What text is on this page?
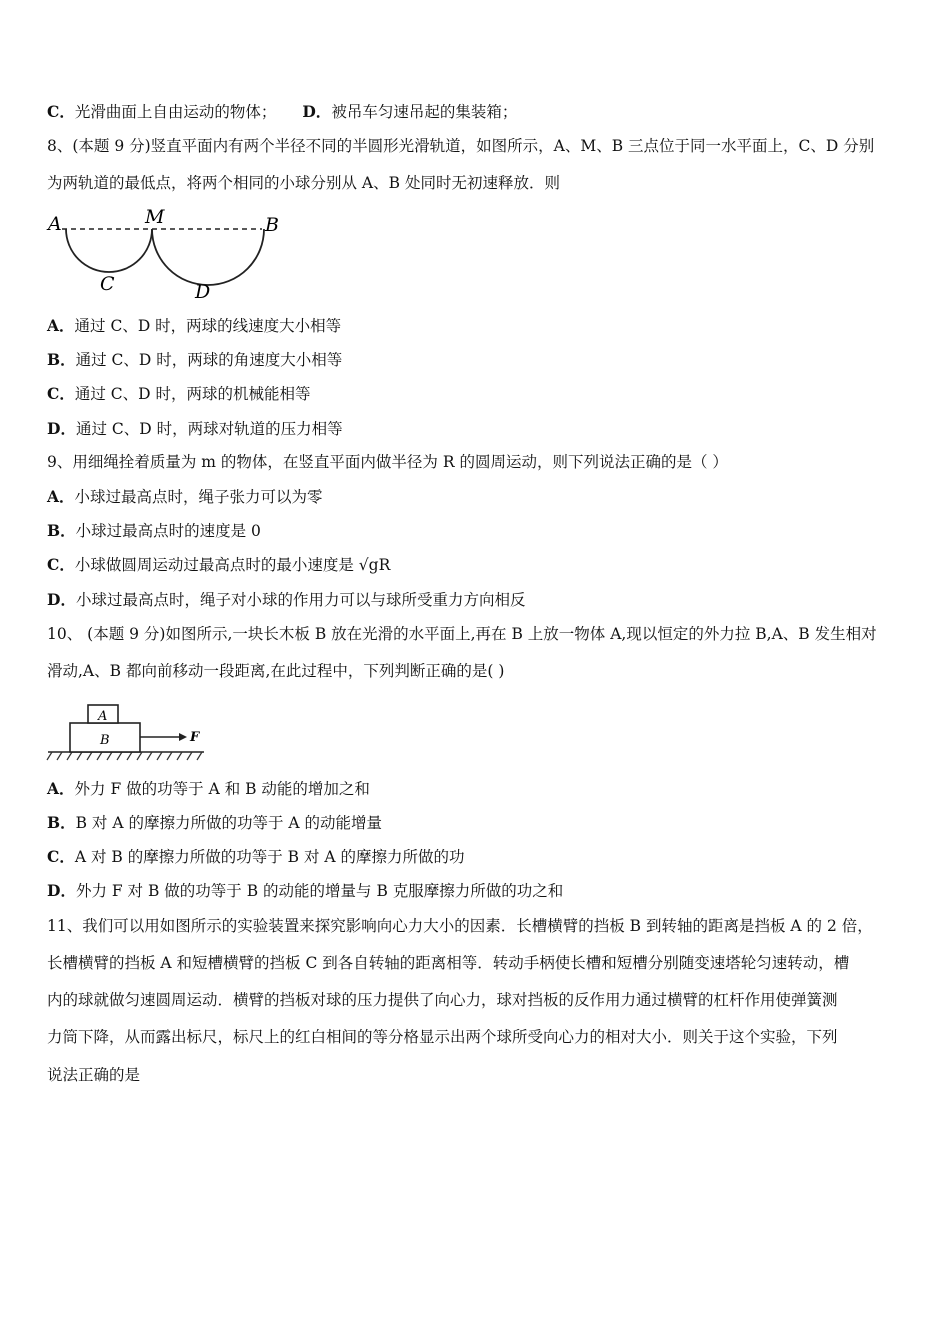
C．光滑曲面上自由运动的物体； D．被吊车匀速吊起的集装箱；
8、(本题 9 分)竖直平面内有两个半径不同的半圆形光滑轨道，如图所示，A、M、B 三点位于同一水平面上，C、D 分别
为两轨道的最低点，将两个相同的小球分别从 A、B 处同时无初速释放．则
A	M	B
C	D
A．通过 C、D 时，两球的线速度大小相等
B．通过 C、D 时，两球的角速度大小相等
C．通过 C、D 时，两球的机械能相等
D．通过 C、D 时，两球对轨道的压力相等
9、用细绳拴着质量为 m 的物体，在竖直平面内做半径为 R 的圆周运动，则下列说法正确的是（ ）
A．小球过最高点时，绳子张力可以为零
B．小球过最高点时的速度是 0
C．小球做圆周运动过最高点时的最小速度是 √gR
D．小球过最高点时，绳子对小球的作用力可以与球所受重力方向相反
10、 (本题 9 分)如图所示,一块长木板 B 放在光滑的水平面上,再在 B 上放一物体 A,现以恒定的外力拉 B,A、B 发生相对
滑动,A、B 都向前移动一段距离,在此过程中，下列判断正确的是( )
A
B	F
A．外力 F 做的功等于 A 和 B 动能的增加之和
B．B 对 A 的摩擦力所做的功等于 A 的动能增量
C．A 对 B 的摩擦力所做的功等于 B 对 A 的摩擦力所做的功
D．外力 F 对 B 做的功等于 B 的动能的增量与 B 克服摩擦力所做的功之和
11、我们可以用如图所示的实验装置来探究影响向心力大小的因素．长槽横臂的挡板 B 到转轴的距离是挡板 A 的 2 倍，
长槽横臂的挡板 A 和短槽横臂的挡板 C 到各自转轴的距离相等．转动手柄使长槽和短槽分别随变速塔轮匀速转动，槽
内的球就做匀速圆周运动．横臂的挡板对球的压力提供了向心力，球对挡板的反作用力通过横臂的杠杆作用使弹簧测
力筒下降，从而露出标尺，标尺上的红白相间的等分格显示出两个球所受向心力的相对大小．则关于这个实验，下列
说法正确的是
